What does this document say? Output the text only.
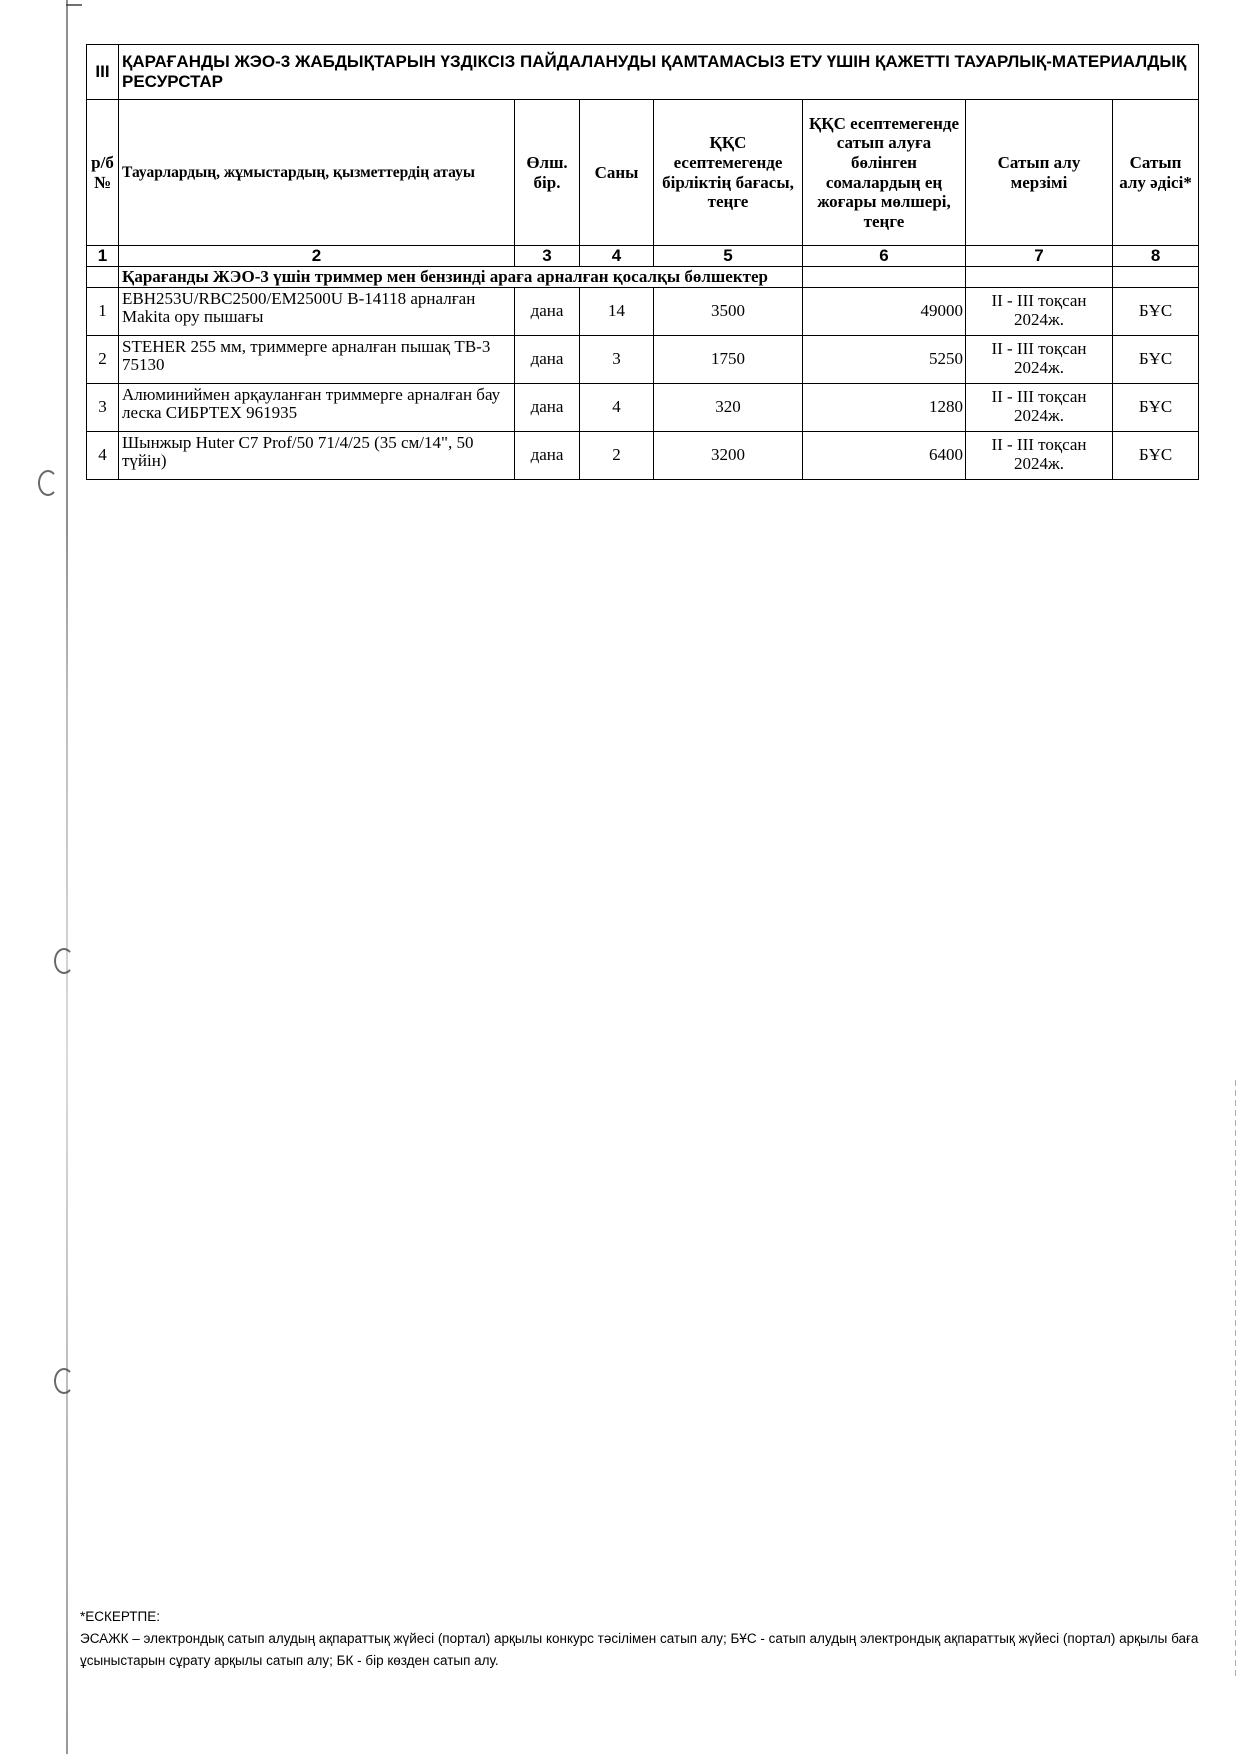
III	ҚАРАҒАНДЫ ЖЭО-3 ЖАБДЫҚТАРЫН ҮЗДІКСІЗ ПАЙДАЛАНУДЫ ҚАМТАМАСЫЗ ЕТУ ҮШІН ҚАЖЕТТІ ТАУАРЛЫҚ-МАТЕРИАЛДЫҚ РЕСУРСТАР						
р/б №	Тауарлардың, жұмыстардың, қызметтердің атауы	Өлш. бір.	Саны	ҚҚС есептемегенде бірліктің бағасы, теңге	ҚҚС есептемегенде сатып алуға бөлінген сомалардың ең жоғары мөлшері, теңге	Сатып алу мерзімі	Сатып алу әдісі*
1	2	3	4	5	6	7	8
	Қарағанды ЖЭО-3 үшін триммер мен бензинді араға арналған қосалқы бөлшектер						
1	EBH253U/RBC2500/EM2500U B-14118 арналған Makita ору пышағы	дана	14	3500	49000	II - III тоқсан 2024ж.	БҰС
2	STEHER 255 мм, триммерге арналған пышақ TB-3 75130	дана	3	1750	5250	II - III тоқсан 2024ж.	БҰС
3	Алюминиймен арқауланған триммерге арналған бау леска СИБРТЕХ 961935	дана	4	320	1280	II - III тоқсан 2024ж.	БҰС
4	Шынжыр Huter C7 Prof/50 71/4/25 (35 см/14", 50 түйін)	дана	2	3200	6400	II - III тоқсан 2024ж.	БҰС
*ЕСКЕРТПЕ:
ЭСАЖК – электрондық сатып алудың ақпараттық жүйесі (портал) арқылы конкурс тәсілімен сатып алу; БҰС - сатып алудың электрондық ақпараттық жүйесі (портал) арқылы баға ұсыныстарын сұрату арқылы сатып алу; БК - бір көзден сатып алу.
